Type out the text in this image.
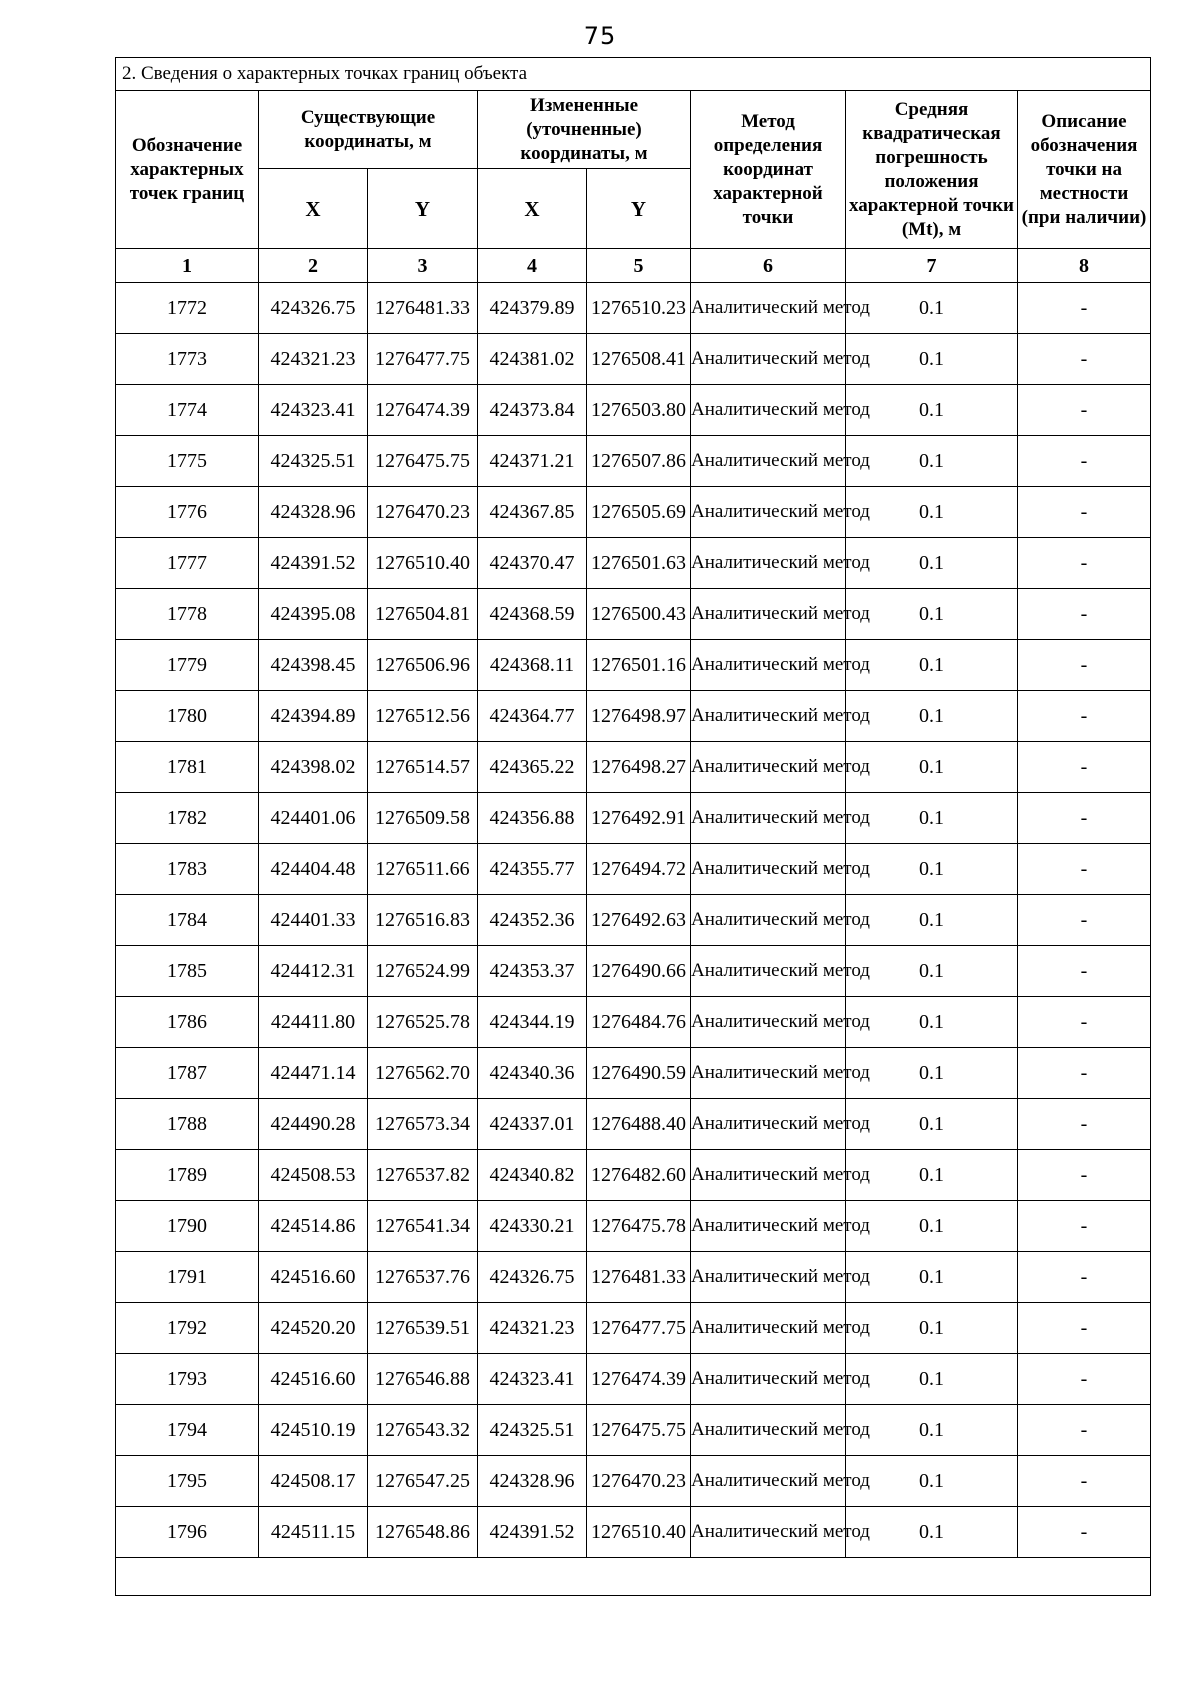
75
2. Сведения о характерных точках границ объекта							
Обозначение характерных точек границ	Существующие координаты, м		Измененные (уточненные) координаты, м		Метод определения координат характерной точки	Средняя квадратическая погрешность положения характерной точки (Mt), м	Описание обозначения точки на местности (при наличии)
	X	Y	X	Y			
1	2	3	4	5	6	7	8
1772	424326.75	1276481.33	424379.89	1276510.23	Аналитический метод	0.1	-
1773	424321.23	1276477.75	424381.02	1276508.41	Аналитический метод	0.1	-
1774	424323.41	1276474.39	424373.84	1276503.80	Аналитический метод	0.1	-
1775	424325.51	1276475.75	424371.21	1276507.86	Аналитический метод	0.1	-
1776	424328.96	1276470.23	424367.85	1276505.69	Аналитический метод	0.1	-
1777	424391.52	1276510.40	424370.47	1276501.63	Аналитический метод	0.1	-
1778	424395.08	1276504.81	424368.59	1276500.43	Аналитический метод	0.1	-
1779	424398.45	1276506.96	424368.11	1276501.16	Аналитический метод	0.1	-
1780	424394.89	1276512.56	424364.77	1276498.97	Аналитический метод	0.1	-
1781	424398.02	1276514.57	424365.22	1276498.27	Аналитический метод	0.1	-
1782	424401.06	1276509.58	424356.88	1276492.91	Аналитический метод	0.1	-
1783	424404.48	1276511.66	424355.77	1276494.72	Аналитический метод	0.1	-
1784	424401.33	1276516.83	424352.36	1276492.63	Аналитический метод	0.1	-
1785	424412.31	1276524.99	424353.37	1276490.66	Аналитический метод	0.1	-
1786	424411.80	1276525.78	424344.19	1276484.76	Аналитический метод	0.1	-
1787	424471.14	1276562.70	424340.36	1276490.59	Аналитический метод	0.1	-
1788	424490.28	1276573.34	424337.01	1276488.40	Аналитический метод	0.1	-
1789	424508.53	1276537.82	424340.82	1276482.60	Аналитический метод	0.1	-
1790	424514.86	1276541.34	424330.21	1276475.78	Аналитический метод	0.1	-
1791	424516.60	1276537.76	424326.75	1276481.33	Аналитический метод	0.1	-
1792	424520.20	1276539.51	424321.23	1276477.75	Аналитический метод	0.1	-
1793	424516.60	1276546.88	424323.41	1276474.39	Аналитический метод	0.1	-
1794	424510.19	1276543.32	424325.51	1276475.75	Аналитический метод	0.1	-
1795	424508.17	1276547.25	424328.96	1276470.23	Аналитический метод	0.1	-
1796	424511.15	1276548.86	424391.52	1276510.40	Аналитический метод	0.1	-
